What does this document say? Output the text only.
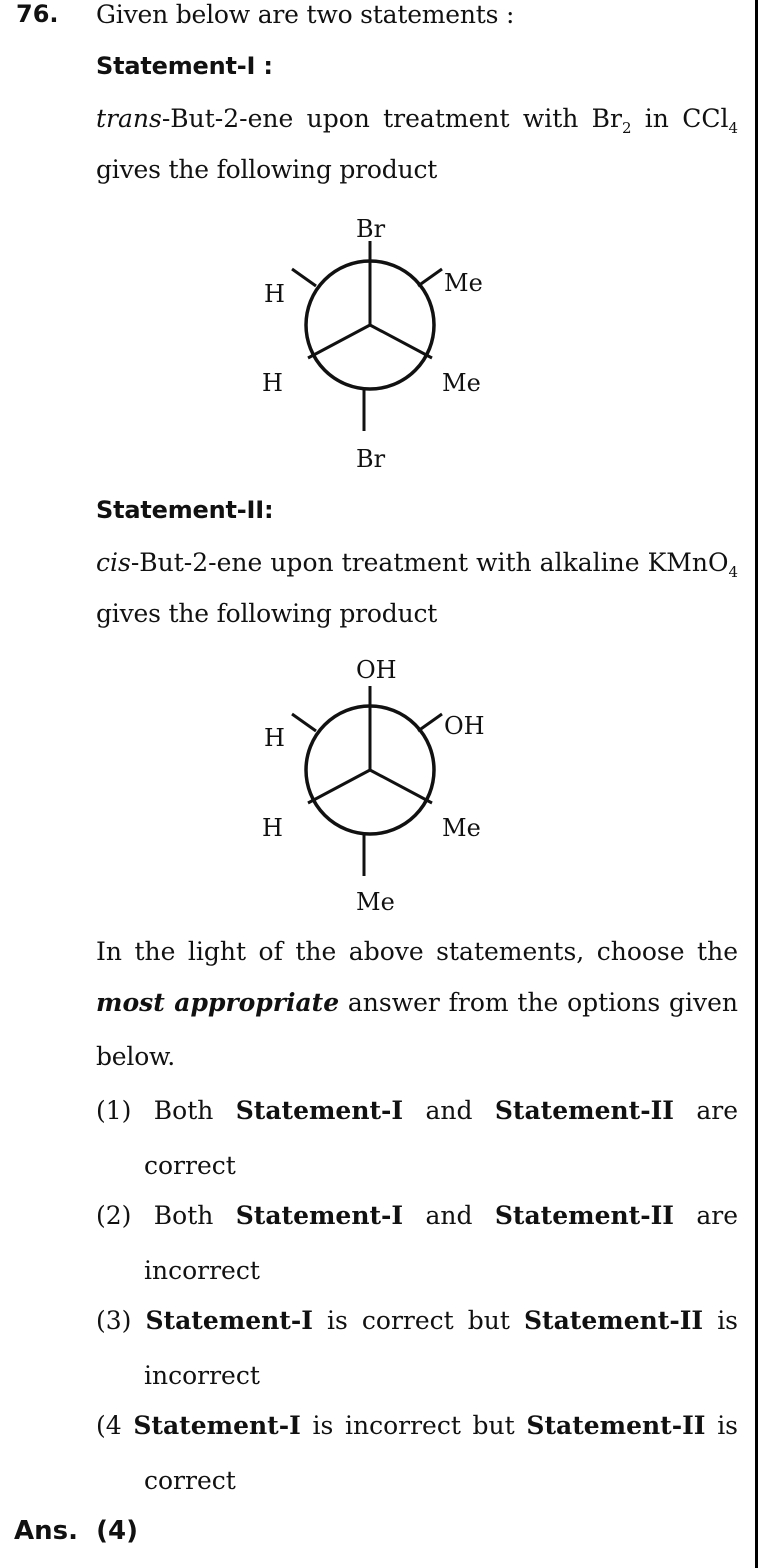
76. Given below are two statements :
Statement-I :
trans-But-2-ene upon treatment with $Br_2$ in CCl$_4$
gives the following product
Br
H	Me
H	Me
Br
Statement-II:
cis-But-2-ene upon treatment with alkaline KMnO$_4$
gives the following product
OH
H	OH
H	Me
Me
In the light of the above statements, choose the
most appropriate answer from the options given
below.
(1) Both Statement-I and Statement-II are
correct
(2) Both Statement-I and Statement-II are
incorrect
(3) Statement-I is correct but Statement-II is
incorrect
(4 Statement-I is incorrect but Statement-II is
correct
Ans. (4)
